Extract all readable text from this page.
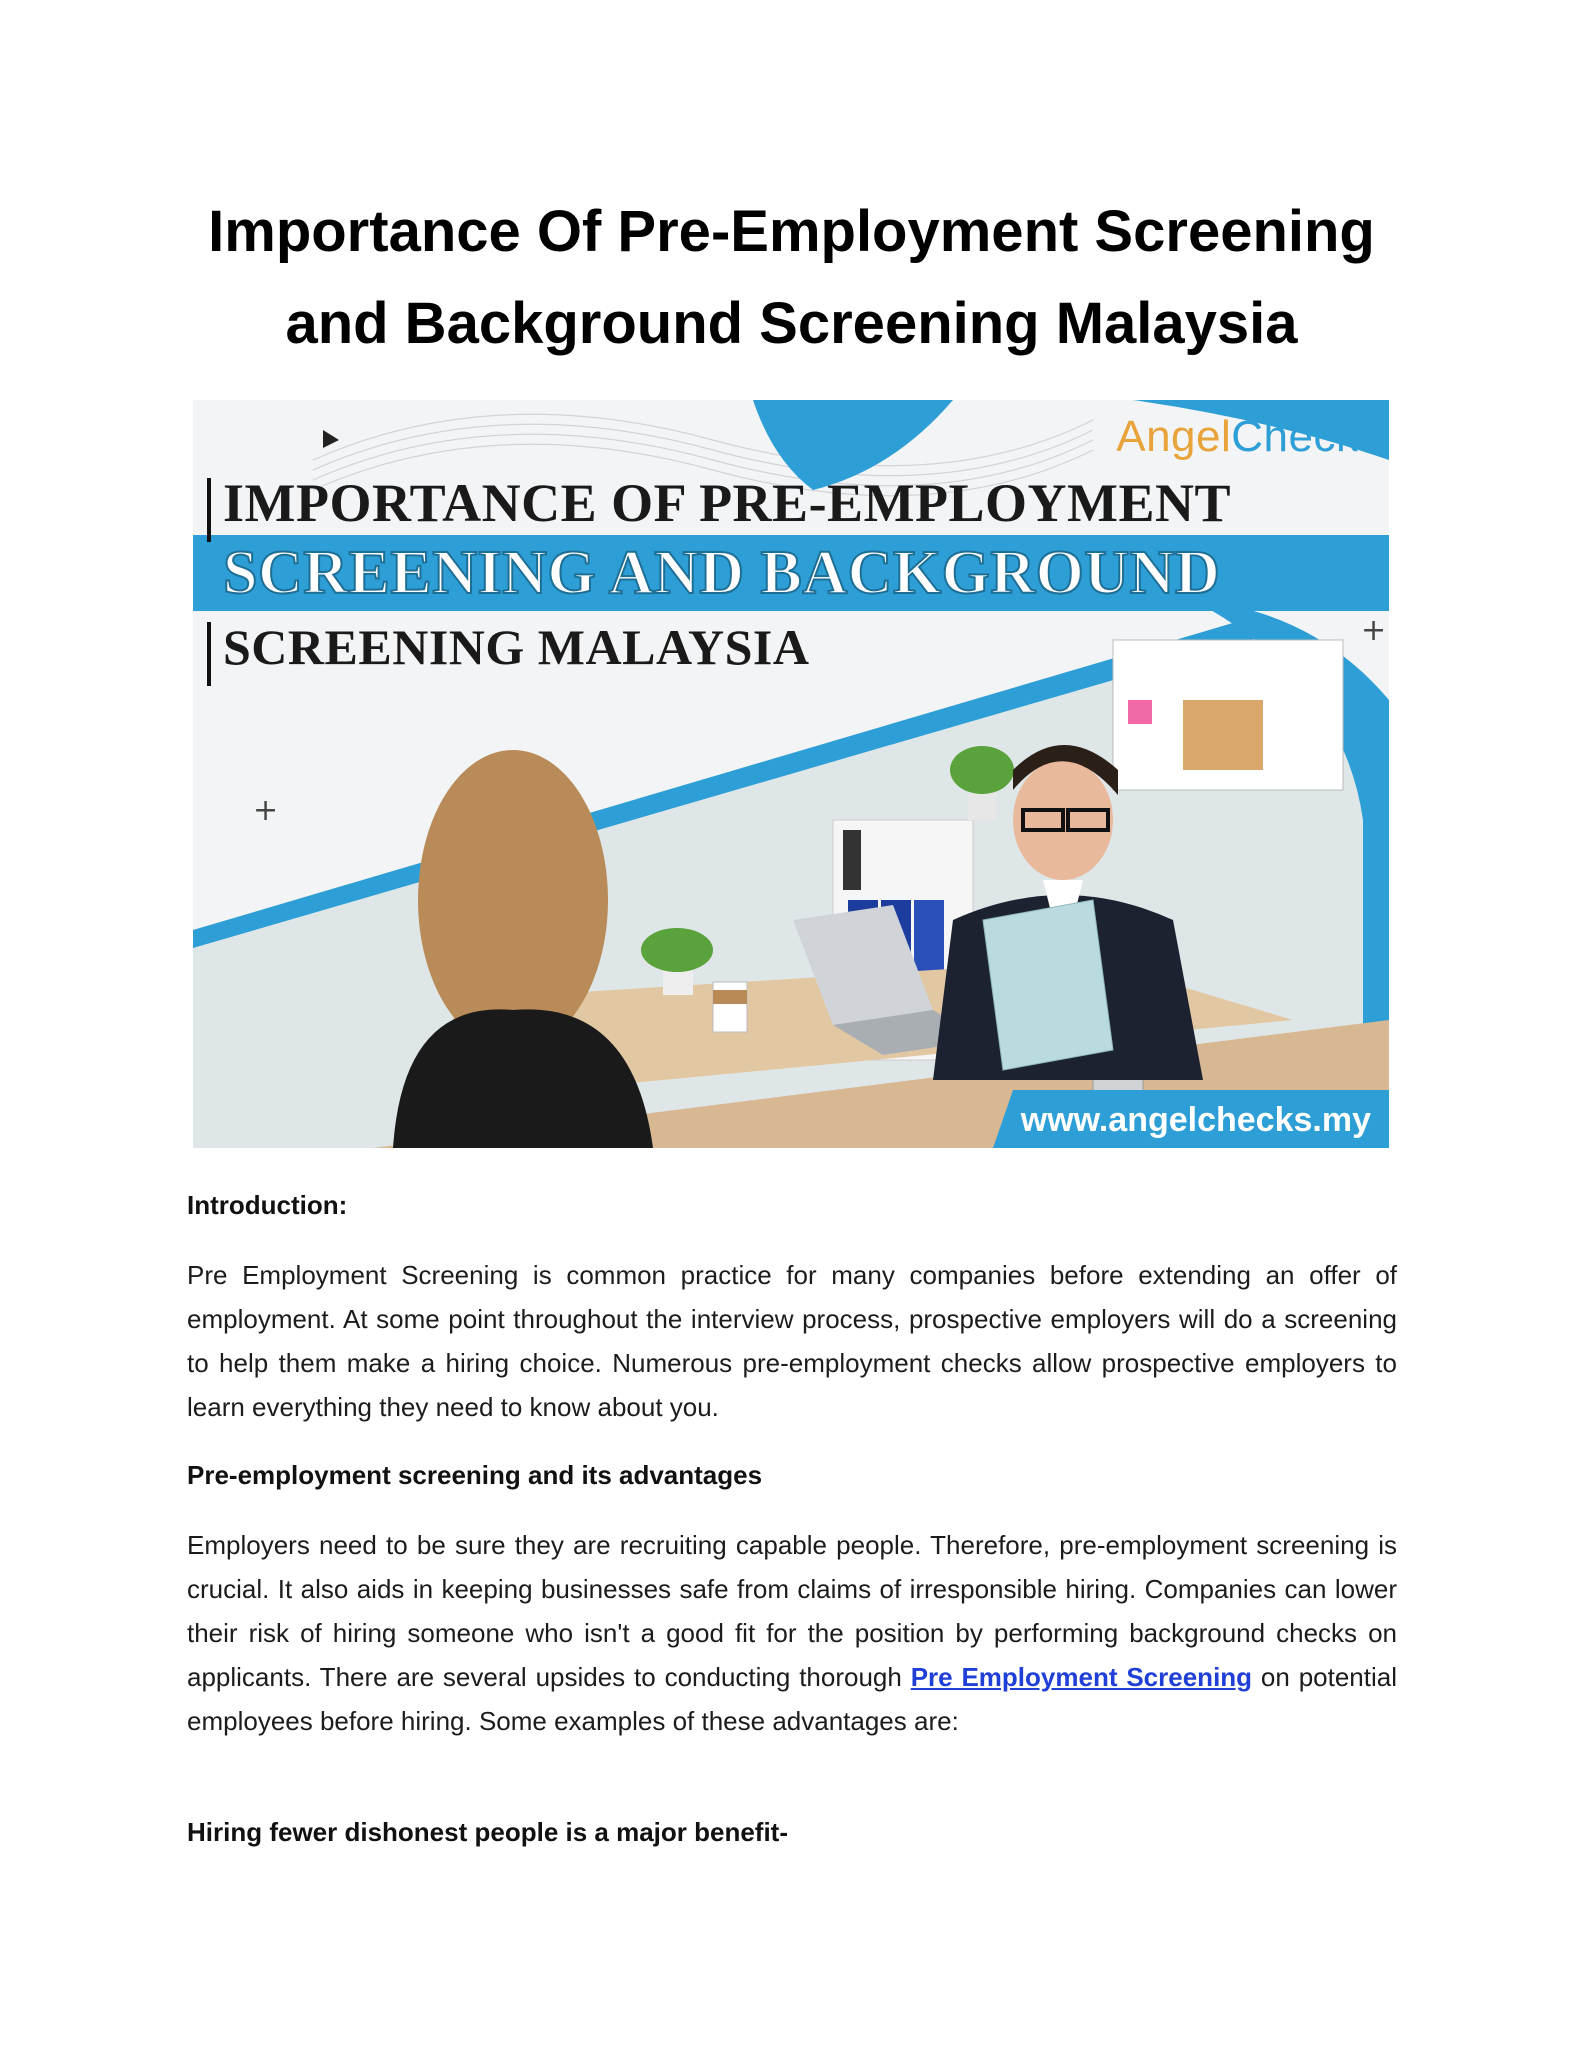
Importance Of Pre-Employment Screening
and Background Screening Malaysia
+
+
AngelChecks
IMPORTANCE OF PRE-EMPLOYMENT
SCREENING AND BACKGROUND
SCREENING MALAYSIA
www.angelchecks.my
Introduction:

Pre Employment Screening is common practice for many companies before extending an offer of employment. At some point throughout the interview process, prospective employers will do a screening to help them make a hiring choice. Numerous pre-employment checks allow prospective employers to learn everything they need to know about you.

Pre-employment screening and its advantages

Employers need to be sure they are recruiting capable people. Therefore, pre-employment screening is crucial. It also aids in keeping businesses safe from claims of irresponsible hiring. Companies can lower their risk of hiring someone who isn't a good fit for the position by performing background checks on applicants. There are several upsides to conducting thorough Pre Employment Screening on potential employees before hiring. Some examples of these advantages are:

Hiring fewer dishonest people is a major benefit-
